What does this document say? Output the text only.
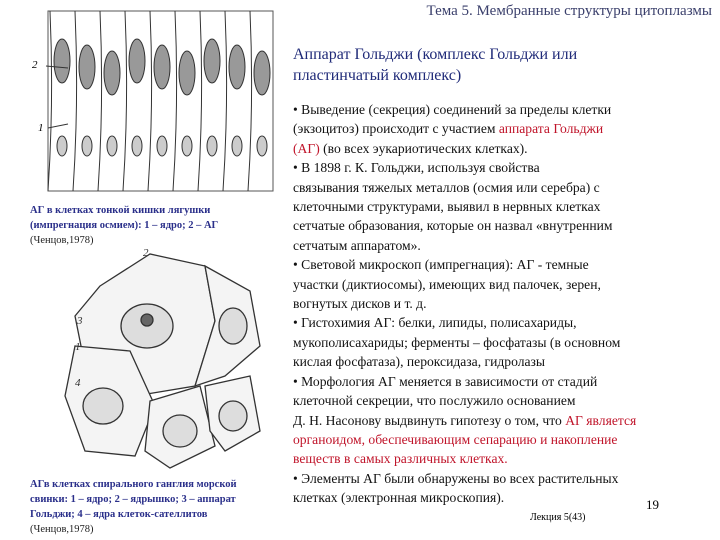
Тема 5. Мембранные структуры цитоплазмы
Аппарат Гольджи (комплекс Гольджи или
пластинчатый комплекс)
• Выведение (секреция) соединений за пределы клетки
(экзоцитоз) происходит с участием аппарата Гольджи
(АГ) (во всех эукариотических клетках).
• В 1898 г. К. Гольджи, используя свойства
связывания тяжелых металлов (осмия или серебра) с
клеточными структурами, выявил в нервных клетках
сетчатые образования, которые он назвал «внутренним
сетчатым аппаратом».
• Световой микроскоп (импрегнация): АГ - темные
участки (диктиосомы), имеющих вид палочек, зерен,
вогнутых дисков и т. д.
• Гистохимия АГ: белки, липиды, полисахариды,
мукополисахариды; ферменты – фосфатазы (в основном
кислая фосфатаза), пероксидаза, гидролазы
• Морфология АГ меняется в зависимости от стадий
клеточной секреции, что послужило основанием
Д. Н. Насонову выдвинуть гипотезу о том, что АГ является
органоидом, обеспечивающим сепарацию и накопление
веществ в самых различных клетках.
• Элементы АГ были обнаружены во всех растительных
клетках (электронная микроскопия).
2
1
АГ в клетках тонкой кишки лягушки
(импрегнация осмием): 1 – ядро; 2 – АГ
(Ченцов,1978)
2
3
1
4
АГв клетках спирального ганглия морской
свинки: 1 – ядро; 2 – ядрышко; 3 – аппарат
Гольджи; 4 – ядра клеток-сателлитов
(Ченцов,1978)
19
Лекция 5(43)
